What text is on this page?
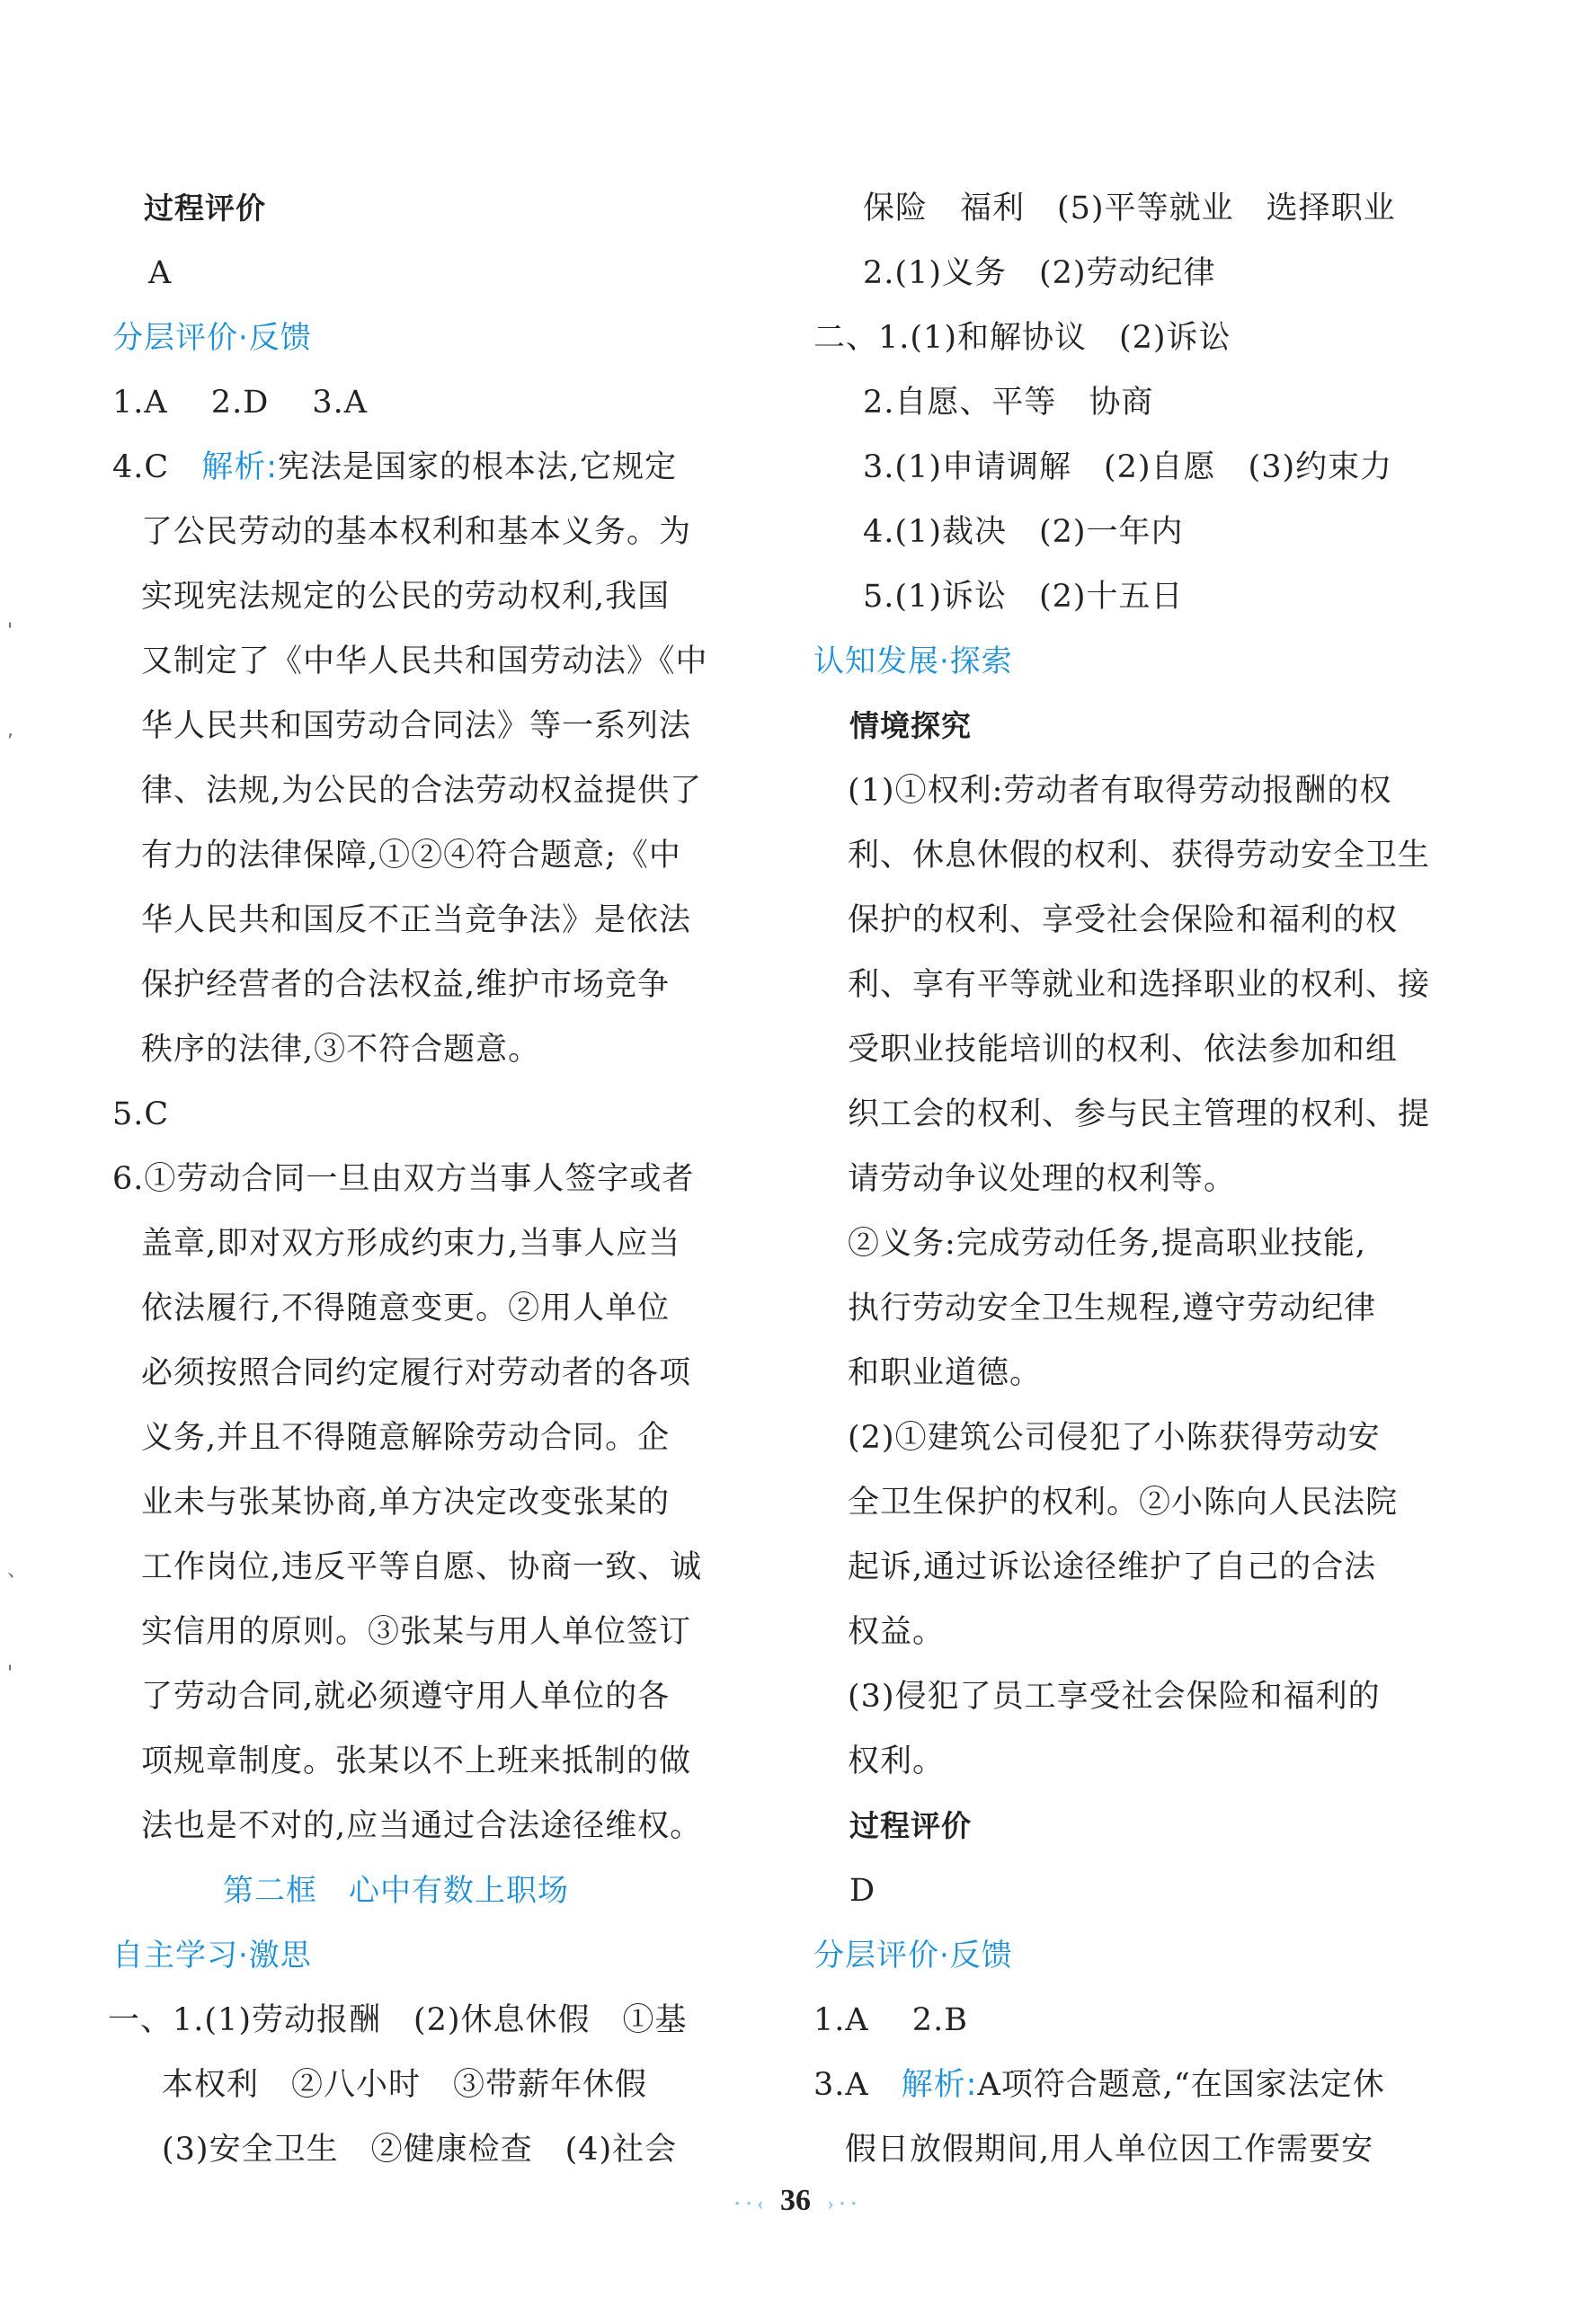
'
,
、
'
过程评价
A
分层评价·反馈
1.A　 2.D　 3.A
4.C　解析:宪法是国家的根本法,它规定
了公民劳动的基本权利和基本义务。为
实现宪法规定的公民的劳动权利,我国
又制定了《中华人民共和国劳动法》《中
华人民共和国劳动合同法》等一系列法
律、法规,为公民的合法劳动权益提供了
有力的法律保障,①②④符合题意;《中
华人民共和国反不正当竞争法》是依法
保护经营者的合法权益,维护市场竞争
秩序的法律,③不符合题意。
5.C
6.①劳动合同一旦由双方当事人签字或者
盖章,即对双方形成约束力,当事人应当
依法履行,不得随意变更。②用人单位
必须按照合同约定履行对劳动者的各项
义务,并且不得随意解除劳动合同。企
业未与张某协商,单方决定改变张某的
工作岗位,违反平等自愿、协商一致、诚
实信用的原则。③张某与用人单位签订
了劳动合同,就必须遵守用人单位的各
项规章制度。张某以不上班来抵制的做
法也是不对的,应当通过合法途径维权。
第二框　心中有数上职场
自主学习·激思
一、1.(1)劳动报酬　(2)休息休假　①基
本权利　②八小时　③带薪年休假
(3)安全卫生　②健康检查　(4)社会
保险　福利　(5)平等就业　选择职业
2.(1)义务　(2)劳动纪律
二、1.(1)和解协议　(2)诉讼
2.自愿、平等　协商
3.(1)申请调解　(2)自愿　(3)约束力
4.(1)裁决　(2)一年内
5.(1)诉讼　(2)十五日
认知发展·探索
情境探究
(1)①权利:劳动者有取得劳动报酬的权
利、休息休假的权利、获得劳动安全卫生
保护的权利、享受社会保险和福利的权
利、享有平等就业和选择职业的权利、接
受职业技能培训的权利、依法参加和组
织工会的权利、参与民主管理的权利、提
请劳动争议处理的权利等。
②义务:完成劳动任务,提高职业技能,
执行劳动安全卫生规程,遵守劳动纪律
和职业道德。
(2)①建筑公司侵犯了小陈获得劳动安
全卫生保护的权利。②小陈向人民法院
起诉,通过诉讼途径维护了自己的合法
权益。
(3)侵犯了员工享受社会保险和福利的
权利。
过程评价
D
分层评价·反馈
1.A　 2.B
3.A　解析:A项符合题意,“在国家法定休
假日放假期间,用人单位因工作需要安
· · ‹ 36 › · ·
